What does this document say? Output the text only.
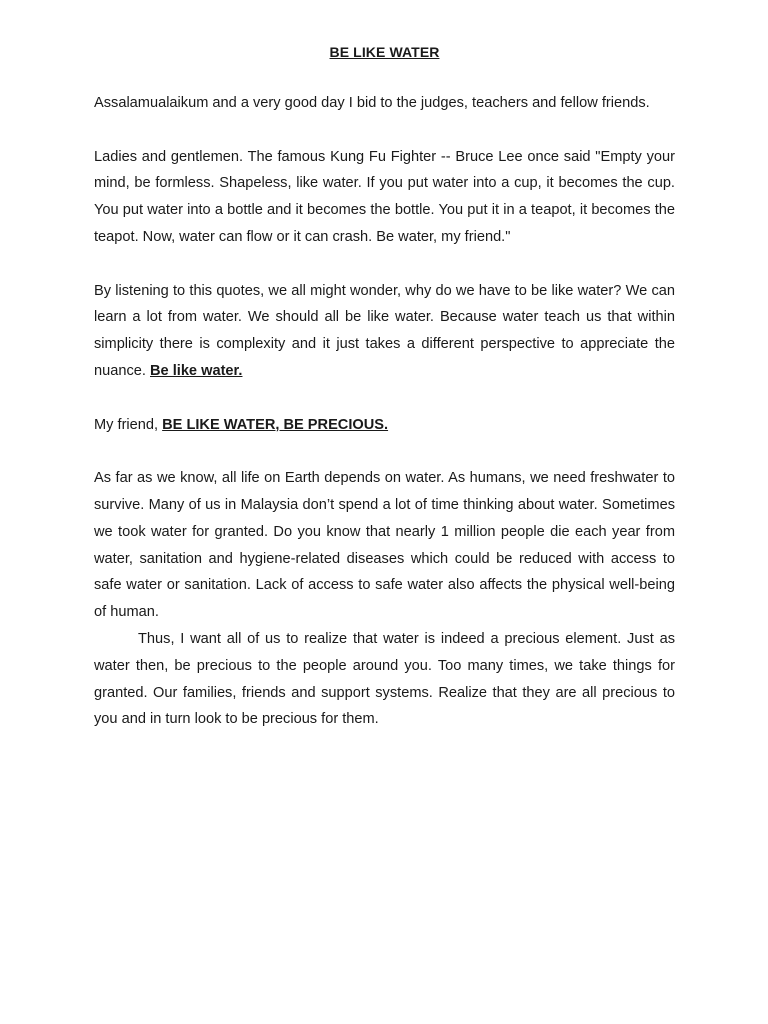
BE LIKE WATER

Assalamualaikum and a very good day I bid to the judges, teachers and fellow friends.

Ladies and gentlemen. The famous Kung Fu Fighter -- Bruce Lee once said "Empty your mind, be formless. Shapeless, like water. If you put water into a cup, it becomes the cup. You put water into a bottle and it becomes the bottle. You put it in a teapot, it becomes the teapot. Now, water can flow or it can crash. Be water, my friend."

By listening to this quotes, we all might wonder, why do we have to be like water? We can learn a lot from water. We should all be like water. Because water teach us that within simplicity there is complexity and it just takes a different perspective to appreciate the nuance. Be like water.

My friend, BE LIKE WATER, BE PRECIOUS.

As far as we know, all life on Earth depends on water. As humans, we need freshwater to survive. Many of us in Malaysia don’t spend a lot of time thinking about water. Sometimes we took water for granted. Do you know that nearly 1 million people die each year from water, sanitation and hygiene-related diseases which could be reduced with access to safe water or sanitation. Lack of access to safe water also affects the physical well-being of human.

Thus, I want all of us to realize that water is indeed a precious element. Just as water then, be precious to the people around you. Too many times, we take things for granted. Our families, friends and support systems. Realize that they are all precious to you and in turn look to be precious for them.
